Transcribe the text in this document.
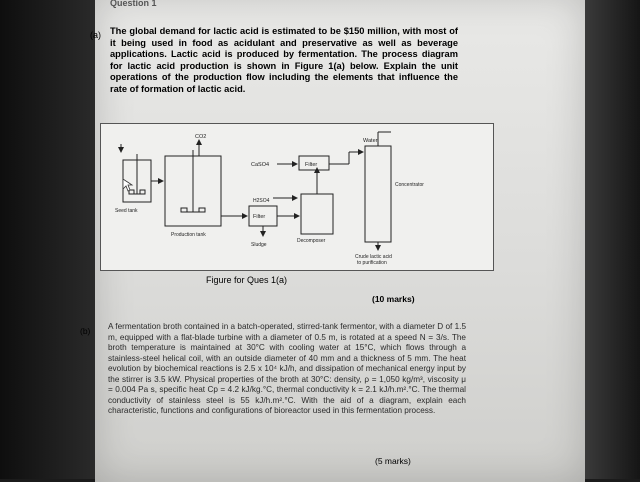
Question 1
(a) The global demand for lactic acid is estimated to be $150 million, with most of it being used in food as acidulant and preservative as well as beverage applications. Lactic acid is produced by fermentation. The process diagram for lactic acid production is shown in Figure 1(a) below. Explain the unit operations of the production flow including the elements that influence the rate of formation of lactic acid.
CO2
CaSO4	Filter
Water
Concentrator
H2SO4
Filter
Seed tank
Production tank
Sludge
Decomposer
Crude lactic acid
to purification
Figure for Ques 1(a)
(10 marks)
(b) A fermentation broth contained in a batch-operated, stirred-tank fermentor, with a diameter D of 1.5 m, equipped with a flat-blade turbine with a diameter of 0.5 m, is rotated at a speed N = 3/s. The broth temperature is maintained at 30°C with cooling water at 15°C, which flows through a stainless-steel helical coil, with an outside diameter of 40 mm and a thickness of 5 mm. The heat evolution by biochemical reactions is 2.5 x 10⁴ kJ/h, and dissipation of mechanical energy input by the stirrer is 3.5 kW. Physical properties of the broth at 30°C: density, ρ = 1,050 kg/m³, viscosity μ = 0.004 Pa s, specific heat Cp = 4.2 kJ/kg.°C, thermal conductivity k = 2.1 kJ/h.m².°C. The thermal conductivity of stainless steel is 55 kJ/h.m².°C. With the aid of a diagram, explain each characteristic, functions and configurations of bioreactor used in this fermentation process.
(5 marks)
